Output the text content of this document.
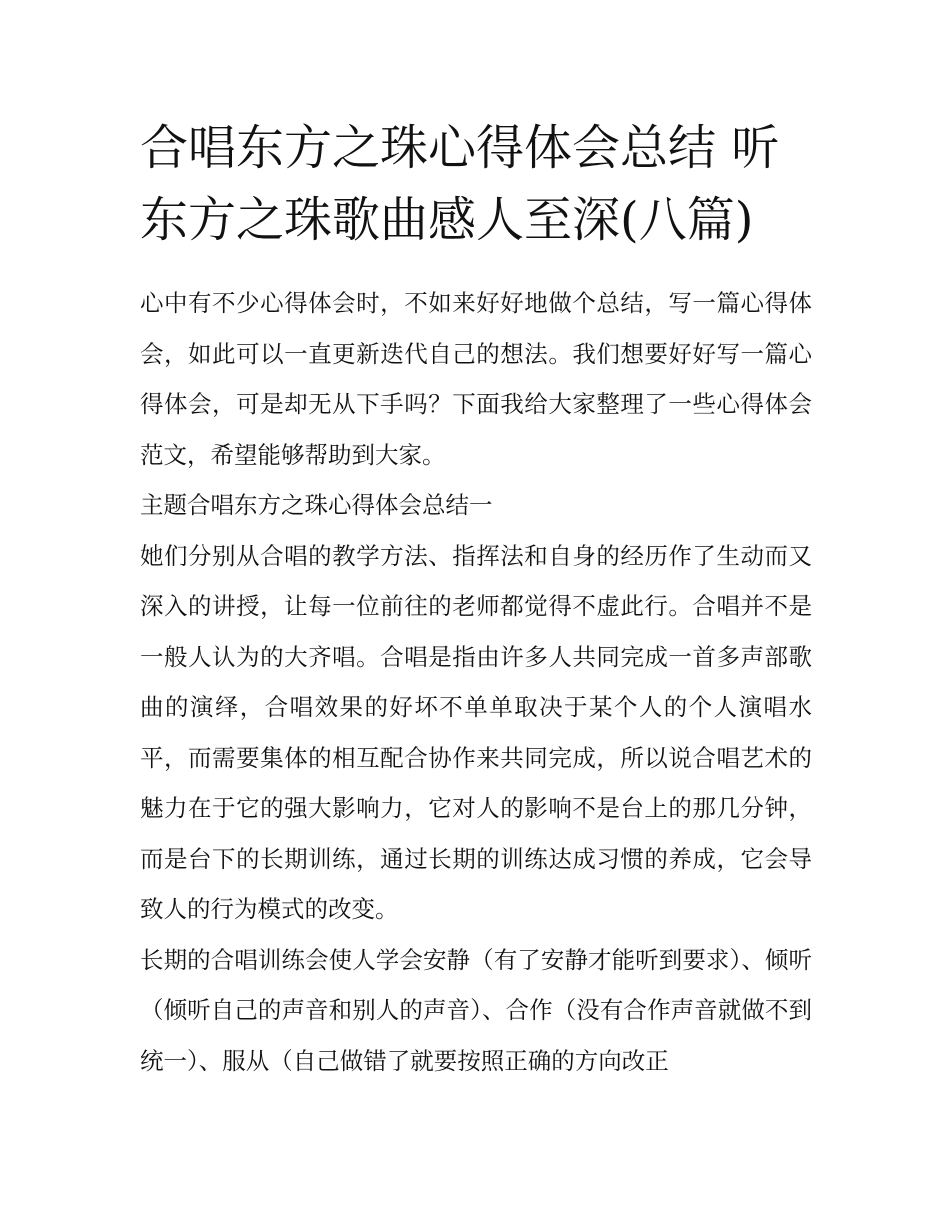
合唱东方之珠心得体会总结 听东方之珠歌曲感人至深(八篇)

心中有不少心得体会时，不如来好好地做个总结，写一篇心得体会，如此可以一直更新迭代自己的想法。我们想要好好写一篇心得体会，可是却无从下手吗？下面我给大家整理了一些心得体会范文，希望能够帮助到大家。

主题合唱东方之珠心得体会总结一

她们分别从合唱的教学方法、指挥法和自身的经历作了生动而又深入的讲授，让每一位前往的老师都觉得不虚此行。合唱并不是一般人认为的大齐唱。合唱是指由许多人共同完成一首多声部歌曲的演绎，合唱效果的好坏不单单取决于某个人的个人演唱水平，而需要集体的相互配合协作来共同完成，所以说合唱艺术的魅力在于它的强大影响力，它对人的影响不是台上的那几分钟，而是台下的长期训练，通过长期的训练达成习惯的养成，它会导致人的行为模式的改变。

长期的合唱训练会使人学会安静（有了安静才能听到要求）、倾听（倾听自己的声音和别人的声音）、合作（没有合作声音就做不到统一）、服从（自己做错了就要按照正确的方向改正
